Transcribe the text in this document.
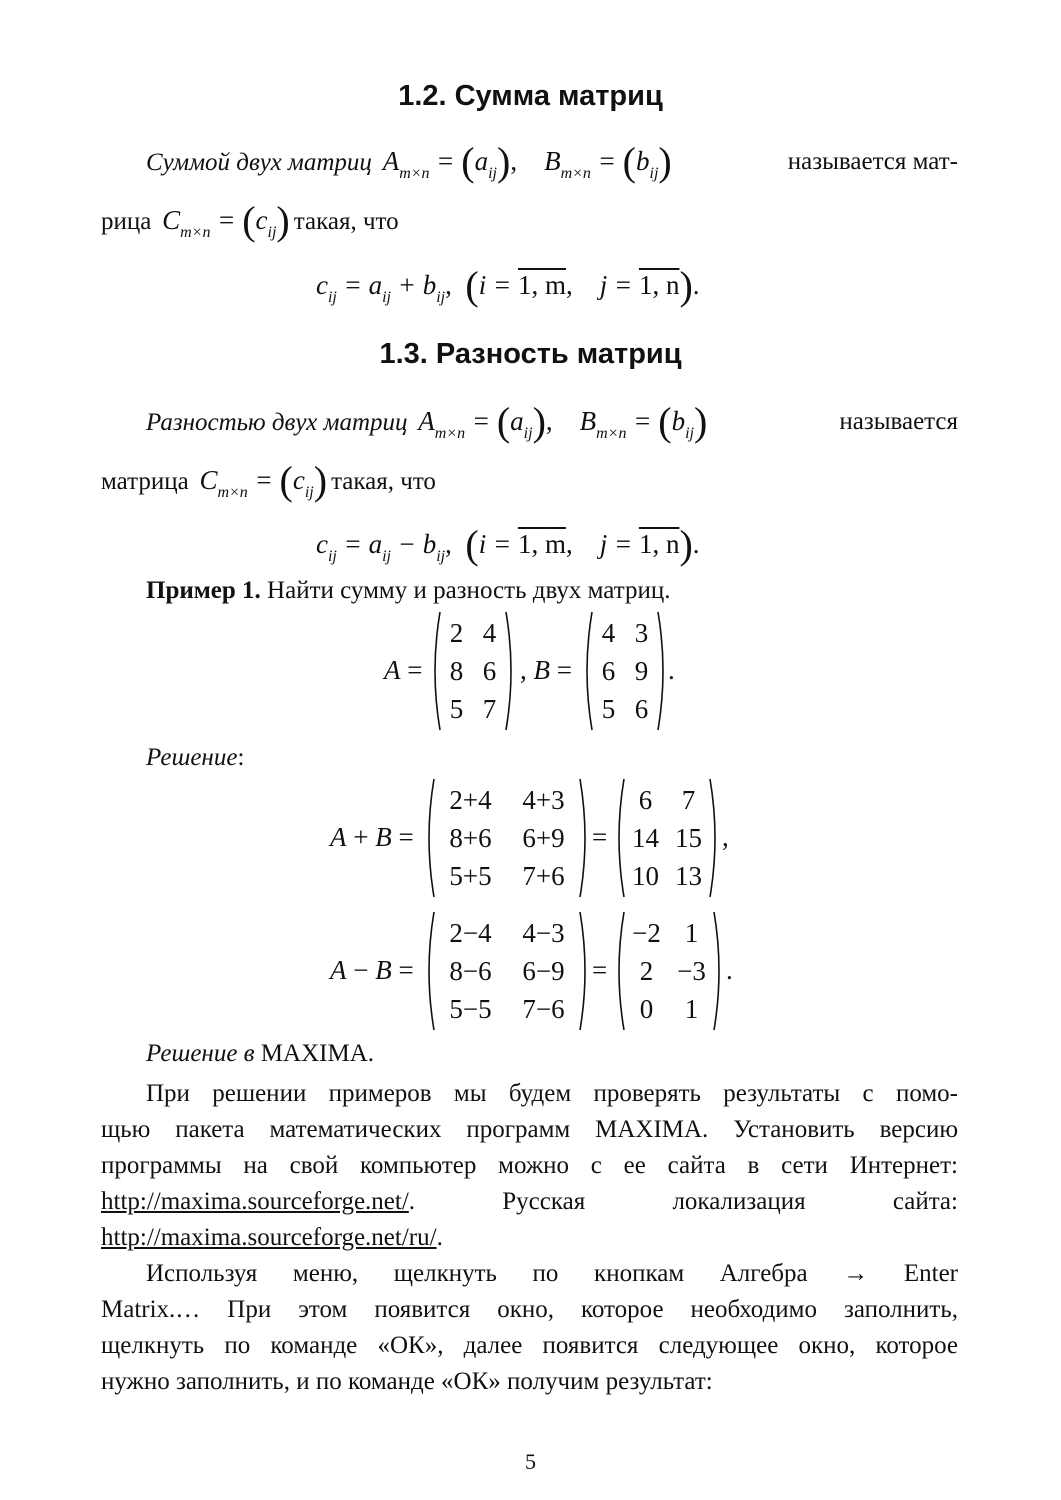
1.2. Сумма матриц
Суммой двух матриц  $A_{m\times n} = (a_{ij})$,    $B_{m\times n} = (b_{ij})$	называется мат-
рица  $C_{m\times n} = (c_{ij})$ такая, что
$c_{ij} = a_{ij} + b_{ij}$, (i = 1, $\overline{m}$,    j = 1, $\overline{n}$).
1.3. Разность матриц
Разностью двух матриц  $A_{m\times n} = (a_{ij})$,    $B_{m\times n} = (b_{ij})$	называется
матрица  $C_{m\times n} = (c_{ij})$ такая, что
$c_{ij} = a_{ij} - b_{ij}$, (i = 1, $\overline{m}$,    j = 1, $\overline{n}$).
Пример 1. Найти сумму и разность двух матриц.
A =
2 4
8 6
5 7
, B =
4 3
6 9
5 6
.
Решение:
A + B =
2+4	4+3
8+6	6+9
5+5	7+6
=
6	7
14 15
10 13
,
A − B =
2−4	4−3
8−6	6−9
5−5	7−6
=
−2 1
2 −3
0	1
.
Решение в MAXIMA.
При решении примеров мы будем проверять результаты с помо-
щью пакета математических программ MAXIMA. Установить версию
программы на свой компьютер можно с ее сайта в сети Интернет:
http://maxima.sourceforge.net/.	Русская	локализация	сайта:
http://maxima.sourceforge.net/ru/.
Используя меню, щелкнуть по кнопкам Алгебра → Enter
Matrix.… При этом появится окно, которое необходимо заполнить,
щелкнуть по команде «ОК», далее появится следующее окно, которое
нужно заполнить, и по команде «ОК» получим результат:
5
